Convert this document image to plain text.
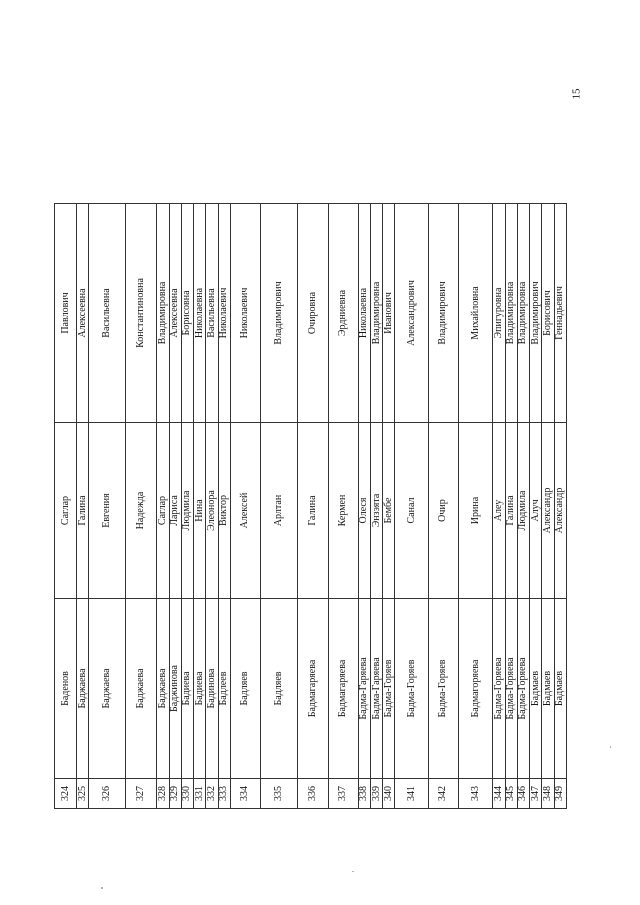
15
324	Баденов	Саглар	Павлович
325	Баджаева	Галина	Алексеевна
326	Баджаева	Евгения	Васильевна
327	Баджаева	Надежда	Константиновна
328	Баджаева	Саглар	Владимировна
329	Баджинова	Лариса	Алексеевна
330	Бадиева	Людмила	Борисовна
331	Бадиева	Нина	Николаевна
332	Бадинова	Элеонора	Васильевна
333	Бадлеев	Виктор	Николаевич
334	Бадляев	Алексей	Николаевич
335	Бадляев	Арлтан	Владимирович
336	Бадмагаряева	Галина	Очировна
337	Бадмагаряева	Кермен	Эрдниевна
338	Бадма-Гаряева	Олеся	Николаевна
339	Бадма-Гаряева	Энзэята	Владимировна
340	Бадма-Горяев	Бембе	Иванович
341	Бадма-Горяев	Санал	Александрович
342	Бадма-Горяев	Очир	Владимирович
343	Бадмагоряева	Ирина	Михайловна
344	Бадма-Горяева	Алеу	Эпигуровна
345	Бадма-Горяева	Галина	Владимировна
346	Бадма-Горяева	Людмила	Владимировна
347	Бадмаев	Алуч	Владимирович
348	Бадмаев	Александр	Борисович
349	Бадмаев	Александр	Геннадьевич
